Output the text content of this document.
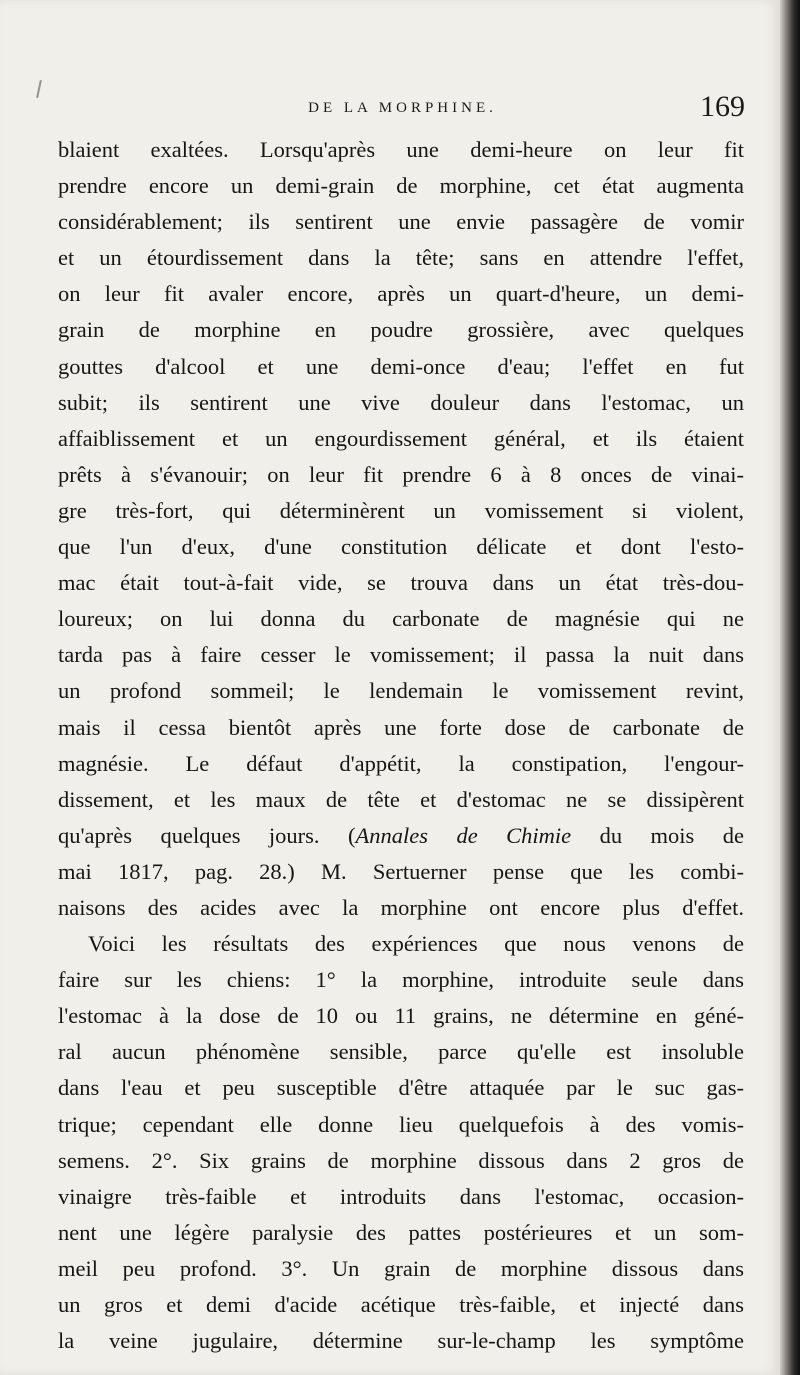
DE LA MORPHINE.	169
blaient exaltées. Lorsqu'après une demi-heure on leur fit
prendre encore un demi-grain de morphine, cet état augmenta
considérablement; ils sentirent une envie passagère de vomir
et un étourdissement dans la tête; sans en attendre l'effet,
on leur fit avaler encore, après un quart-d'heure, un demi-
grain de morphine en poudre grossière, avec quelques
gouttes d'alcool et une demi-once d'eau; l'effet en fut
subit; ils sentirent une vive douleur dans l'estomac, un
affaiblissement et un engourdissement général, et ils étaient
prêts à s'évanouir; on leur fit prendre 6 à 8 onces de vinai-
gre très-fort, qui déterminèrent un vomissement si violent,
que l'un d'eux, d'une constitution délicate et dont l'esto-
mac était tout-à-fait vide, se trouva dans un état très-dou-
loureux; on lui donna du carbonate de magnésie qui ne
tarda pas à faire cesser le vomissement; il passa la nuit dans
un profond sommeil; le lendemain le vomissement revint,
mais il cessa bientôt après une forte dose de carbonate de
magnésie. Le défaut d'appétit, la constipation, l'engour-
dissement, et les maux de tête et d'estomac ne se dissipèrent
qu'après quelques jours. (Annales de Chimie du mois de
mai 1817, pag. 28.) M. Sertuerner pense que les combi-
naisons des acides avec la morphine ont encore plus d'effet.
Voici les résultats des expériences que nous venons de
faire sur les chiens: 1° la morphine, introduite seule dans
l'estomac à la dose de 10 ou 11 grains, ne détermine en géné-
ral aucun phénomène sensible, parce qu'elle est insoluble
dans l'eau et peu susceptible d'être attaquée par le suc gas-
trique; cependant elle donne lieu quelquefois à des vomis-
semens. 2°. Six grains de morphine dissous dans 2 gros de
vinaigre très-faible et introduits dans l'estomac, occasion-
nent une légère paralysie des pattes postérieures et un som-
meil peu profond. 3°. Un grain de morphine dissous dans
un gros et demi d'acide acétique très-faible, et injecté dans
la veine jugulaire, détermine sur-le-champ les symptôme
